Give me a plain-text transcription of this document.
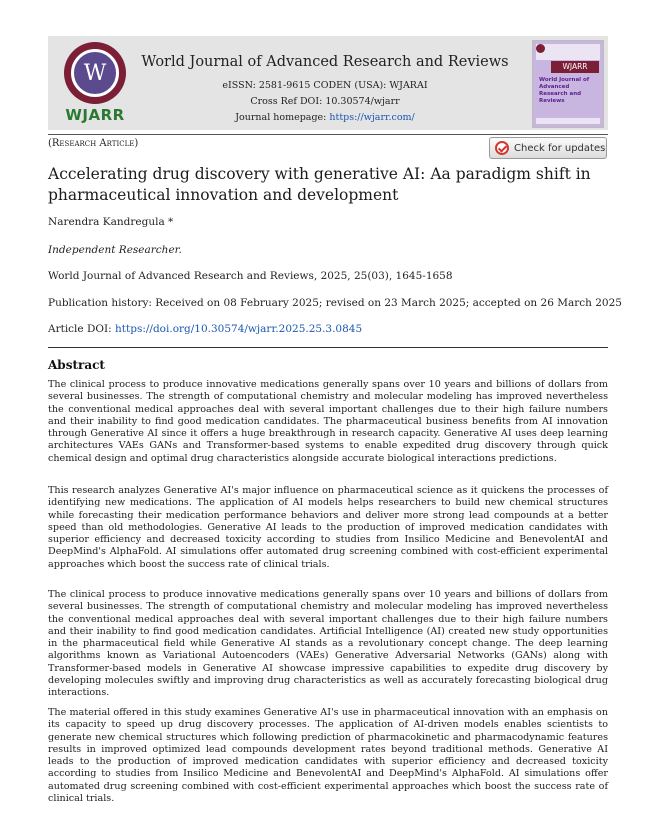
W
WJARR
World Journal of Advanced Research and Reviews
eISSN: 2581-9615 CODEN (USA): WJARAI
Cross Ref DOI: 10.30574/wjarr
Journal homepage: https://wjarr.com/
WJARR
World Journal of Advanced Research and Reviews
(Research Article)	Check for updates
Accelerating drug discovery with generative AI: Aa paradigm shift in pharmaceutical innovation and development
Narendra Kandregula *
Independent Researcher.
World Journal of Advanced Research and Reviews, 2025, 25(03), 1645-1658
Publication history: Received on 08 February 2025; revised on 23 March 2025; accepted on 26 March 2025
Article DOI: https://doi.org/10.30574/wjarr.2025.25.3.0845
Abstract

The clinical process to produce innovative medications generally spans over 10 years and billions of dollars from several businesses. The strength of computational chemistry and molecular modeling has improved nevertheless the conventional medical approaches deal with several important challenges due to their high failure numbers and their inability to find good medication candidates. The pharmaceutical business benefits from AI innovation through Generative AI since it offers a huge breakthrough in research capacity. Generative AI uses deep learning architectures VAEs GANs and Transformer-based systems to enable expedited drug discovery through quick chemical design and optimal drug characteristics alongside accurate biological interactions predictions.

This research analyzes Generative AI's major influence on pharmaceutical science as it quickens the processes of identifying new medications. The application of AI models helps researchers to build new chemical structures while forecasting their medication performance behaviors and deliver more strong lead compounds at a better speed than old methodologies. Generative AI leads to the production of improved medication candidates with superior efficiency and decreased toxicity according to studies from Insilico Medicine and BenevolentAI and DeepMind's AlphaFold. AI simulations offer automated drug screening combined with cost-efficient experimental approaches which boost the success rate of clinical trials.

The clinical process to produce innovative medications generally spans over 10 years and billions of dollars from several businesses. The strength of computational chemistry and molecular modeling has improved nevertheless the conventional medical approaches deal with several important challenges due to their high failure numbers and their inability to find good medication candidates. Artificial Intelligence (AI) created new study opportunities in the pharmaceutical field while Generative AI stands as a revolutionary concept change. The deep learning algorithms known as Variational Autoencoders (VAEs) Generative Adversarial Networks (GANs) along with Transformer-based models in Generative AI showcase impressive capabilities to expedite drug discovery by developing molecules swiftly and improving drug characteristics as well as accurately forecasting biological drug interactions.

The material offered in this study examines Generative AI's use in pharmaceutical innovation with an emphasis on its capacity to speed up drug discovery processes. The application of AI-driven models enables scientists to generate new chemical structures which following prediction of pharmacokinetic and pharmacodynamic features results in improved optimized lead compounds development rates beyond traditional methods. Generative AI leads to the production of improved medication candidates with superior efficiency and decreased toxicity according to studies from Insilico Medicine and BenevolentAI and DeepMind's AlphaFold. AI simulations offer automated drug screening combined with cost-efficient experimental approaches which boost the success rate of clinical trials.
